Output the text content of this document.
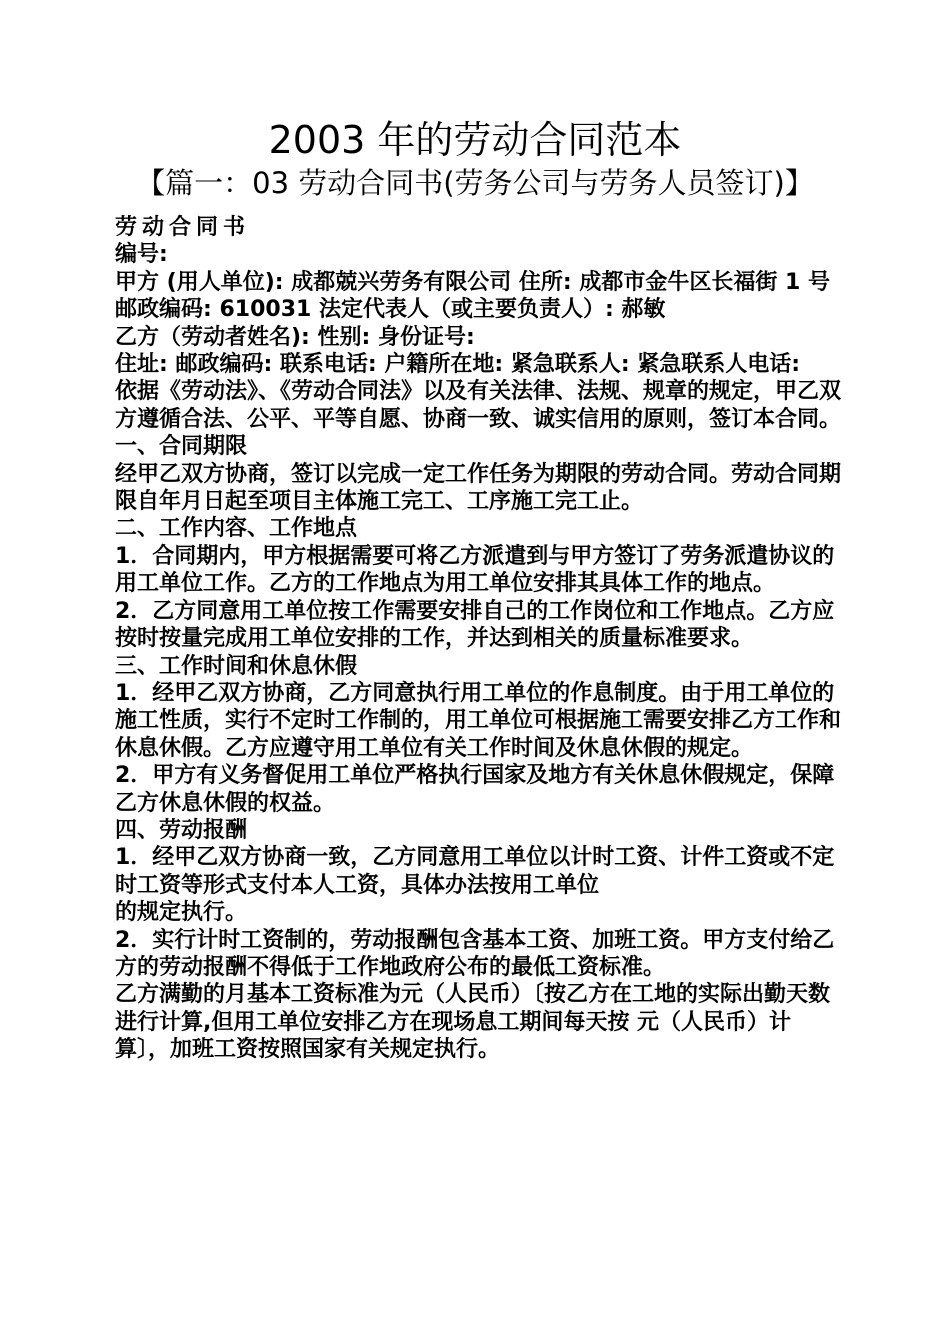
2003 年的劳动合同范本
【篇一：03 劳动合同书(劳务公司与劳务人员签订)】

劳动合同书

编号:

甲方 (用人单位): 成都兢兴劳务有限公司 住所: 成都市金牛区长福街 1 号 邮政编码: 610031 法定代表人（或主要负责人）: 郝敏

乙方（劳动者姓名): 性别: 身份证号:

住址: 邮政编码: 联系电话: 户籍所在地: 紧急联系人: 紧急联系人电话:

依据《劳动法》、《劳动合同法》以及有关法律、法规、规章的规定，甲乙双方遵循合法、公平、平等自愿、协商一致、诚实信用的原则，签订本合同。

一、合同期限

经甲乙双方协商，签订以完成一定工作任务为期限的劳动合同。劳动合同期限自年月日起至项目主体施工完工、工序施工完工止。

二、工作内容、工作地点

1．合同期内，甲方根据需要可将乙方派遣到与甲方签订了劳务派遣协议的用工单位工作。乙方的工作地点为用工单位安排其具体工作的地点。

2．乙方同意用工单位按工作需要安排自己的工作岗位和工作地点。乙方应按时按量完成用工单位安排的工作，并达到相关的质量标准要求。

三、工作时间和休息休假

1．经甲乙双方协商，乙方同意执行用工单位的作息制度。由于用工单位的施工性质，实行不定时工作制的，用工单位可根据施工需要安排乙方工作和休息休假。乙方应遵守用工单位有关工作时间及休息休假的规定。

2．甲方有义务督促用工单位严格执行国家及地方有关休息休假规定，保障乙方休息休假的权益。

四、劳动报酬

1．经甲乙双方协商一致，乙方同意用工单位以计时工资、计件工资或不定时工资等形式支付本人工资，具体办法按用工单位

的规定执行。

2．实行计时工资制的，劳动报酬包含基本工资、加班工资。甲方支付给乙方的劳动报酬不得低于工作地政府公布的最低工资标准。

乙方满勤的月基本工资标准为元（人民币）〔按乙方在工地的实际出勤天数进行计算,但用工单位安排乙方在现场息工期间每天按 元（人民币）计算〕，加班工资按照国家有关规定执行。
